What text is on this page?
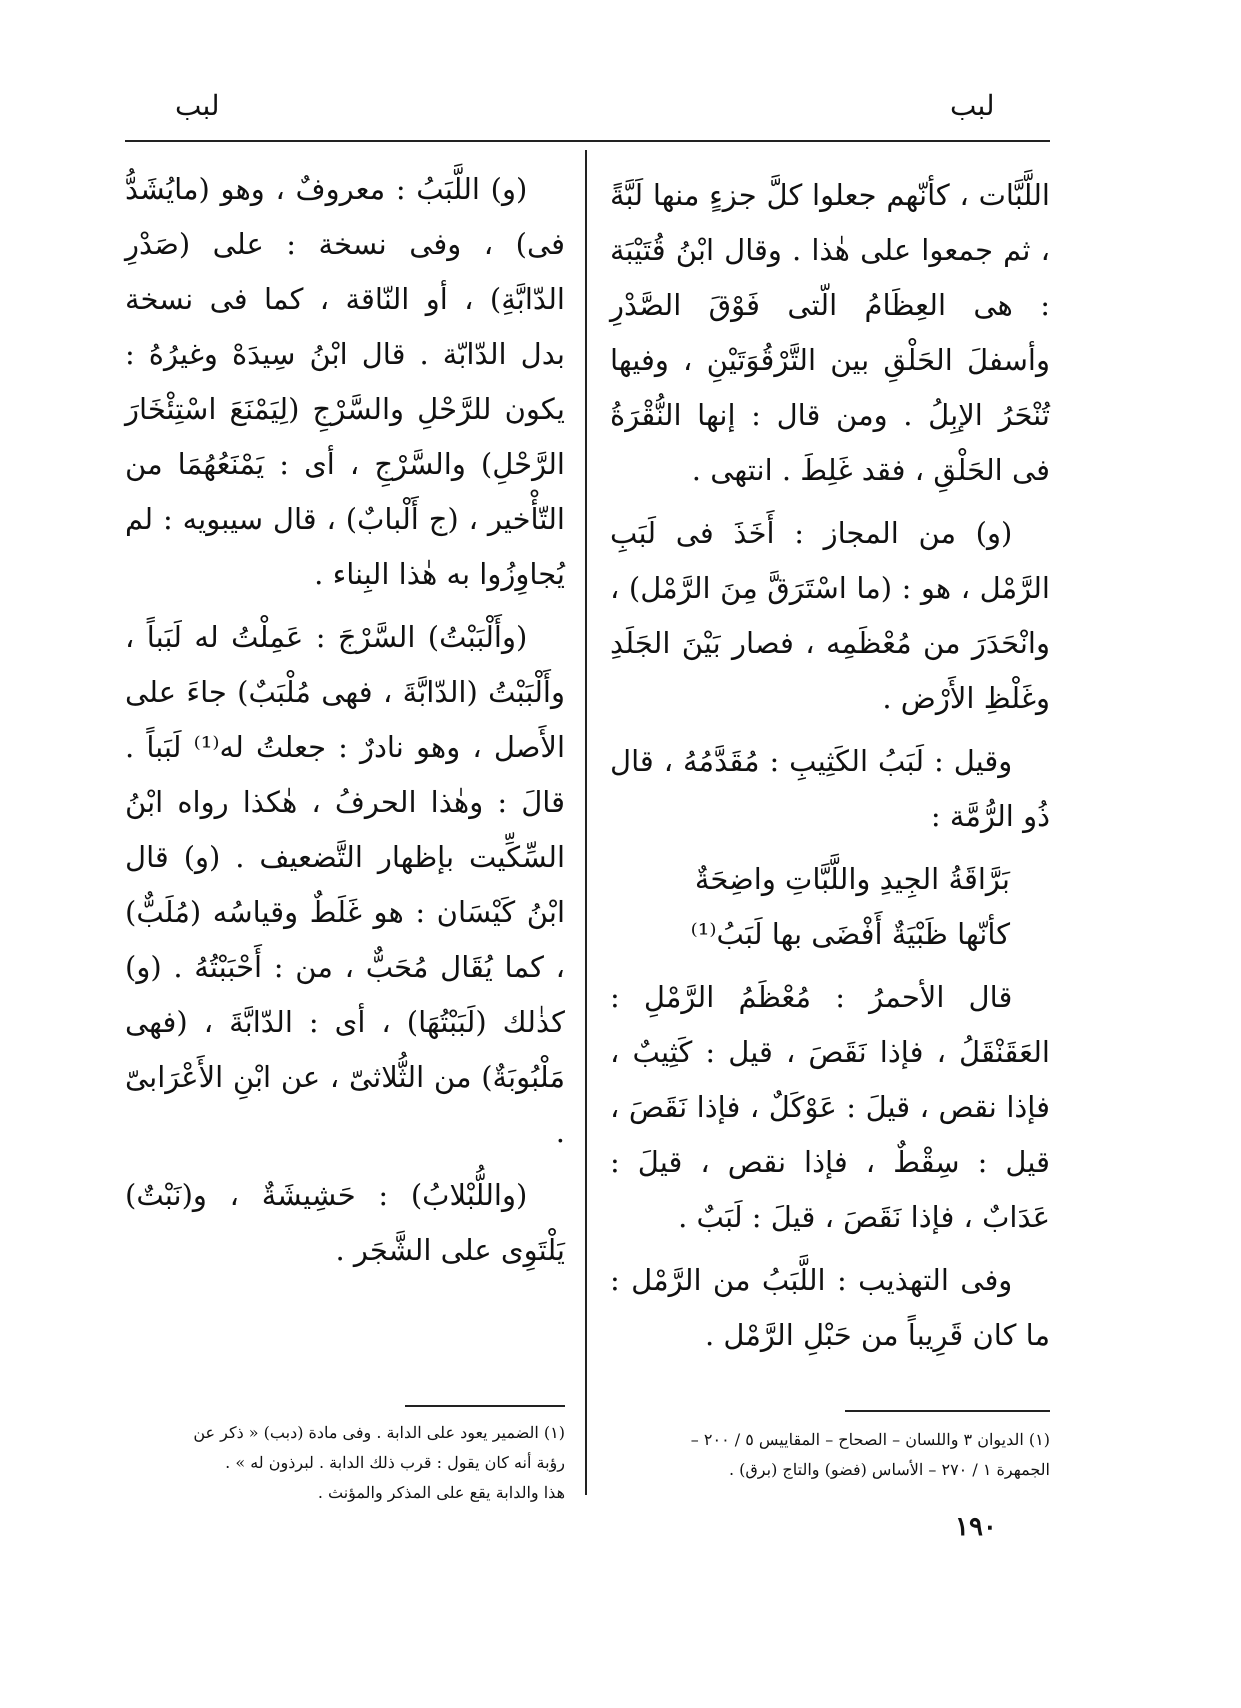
لبب
لبب

اللَّبَّات ، كأنّهم جعلوا كلَّ جزءٍ منها لَبَّةً ، ثم جمعوا على هٰذا . وقال ابْنُ قُتَيْبَة : هى العِظَامُ الّتى فَوْقَ الصَّدْرِ وأسفلَ الحَلْقِ بين التَّرْقُوَتَيْنِ ، وفيها تُنْحَرُ الإبِلُ . ومن قال : إنها النُّقْرَةُ فى الحَلْقِ ، فقد غَلِطَ . انتهى .

(و) من المجاز : أَخَذَ فى لَبَبِ الرَّمْل ، هو : (ما اسْتَرَقَّ مِنَ الرَّمْل) ، وانْحَدَرَ من مُعْظَمِه ، فصار بَيْنَ الجَلَدِ وغَلْظِ الأَرْض .

وقيل : لَبَبُ الكَثِيبِ : مُقَدَّمُهُ ، قال ذُو الرُّمَّة :

بَرَّاقَةُ الجِيدِ واللَّبَّاتِ واضِحَةٌ
كأنّها ظَبْيَةٌ أَفْضَى بها لَبَبُ⁽¹⁾

قال الأحمرُ : مُعْظَمُ الرَّمْلِ : العَقَنْقَلُ ، فإذا نَقَصَ ، قيل : كَثِيبٌ ، فإذا نقص ، قيلَ : عَوْكَلٌ ، فإذا نَقَصَ ، قيل : سِقْطٌ ، فإذا نقص ، قيلَ : عَدَابٌ ، فإذا نَقَصَ ، قيلَ : لَبَبٌ .

وفى التهذيب : اللَّبَبُ من الرَّمْل : ما كان قَرِيباً من حَبْلِ الرَّمْل .

(و) اللَّبَبُ : معروفٌ ، وهو (مايُشَدُّ فى) ، وفى نسخة : على (صَدْرِ الدّابَّةِ) ، أو النّاقة ، كما فى نسخة بدل الدّابّة . قال ابْنُ سِيدَهْ وغيرُهُ : يكون للرَّحْلِ والسَّرْجِ (لِيَمْنَعَ اسْتِئْخَارَ الرَّحْلِ) والسَّرْجِ ، أى : يَمْنَعُهُمَا من التّأْخير ، (ج أَلْبابٌ) ، قال سيبويه : لم يُجاوِزُوا به هٰذا البِناء .

(وأَلْبَبْتُ) السَّرْجَ : عَمِلْتُ له لَبَباً ، وأَلْبَبْتُ (الدّابَّةَ ، فهى مُلْبَبٌ) جاءَ على الأَصل ، وهو نادرٌ : جعلتُ له⁽¹⁾ لَبَباً . قالَ : وهٰذا الحرفُ ، هٰكذا رواه ابْنُ السِّكِّيت بإظهار التَّضعيف . (و) قال ابْنُ كَيْسَان : هو غَلَطٌ وقياسُه (مُلَبٌّ) ، كما يُقَال مُحَبٌّ ، من : أَحْبَبْتُهُ . (و) كذٰلك (لَبَبْتُهَا) ، أى : الدّابَّةَ ، (فهى مَلْبُوبَةٌ) من الثُّلاثىّ ، عن ابْنِ الأَعْرَابىّ .

(واللُّبْلابُ) : حَشِيشَةٌ ، و(نَبْتٌ) يَلْتَوِى على الشَّجَر .

(١) الديوان ٣ واللسان – الصحاح – المقاييس ٥ / ٢٠٠ –
الجمهرة ١ / ٢٧٠ – الأساس (فضو) والتاج (برق) .
(١) الضمير يعود على الدابة . وفى مادة (دبب) « ذكر عن
رؤبة أنه كان يقول : قرب ذلك الدابة . لبرذون له » .
هذا والدابة يقع على المذكر والمؤنث .
١٩٠
